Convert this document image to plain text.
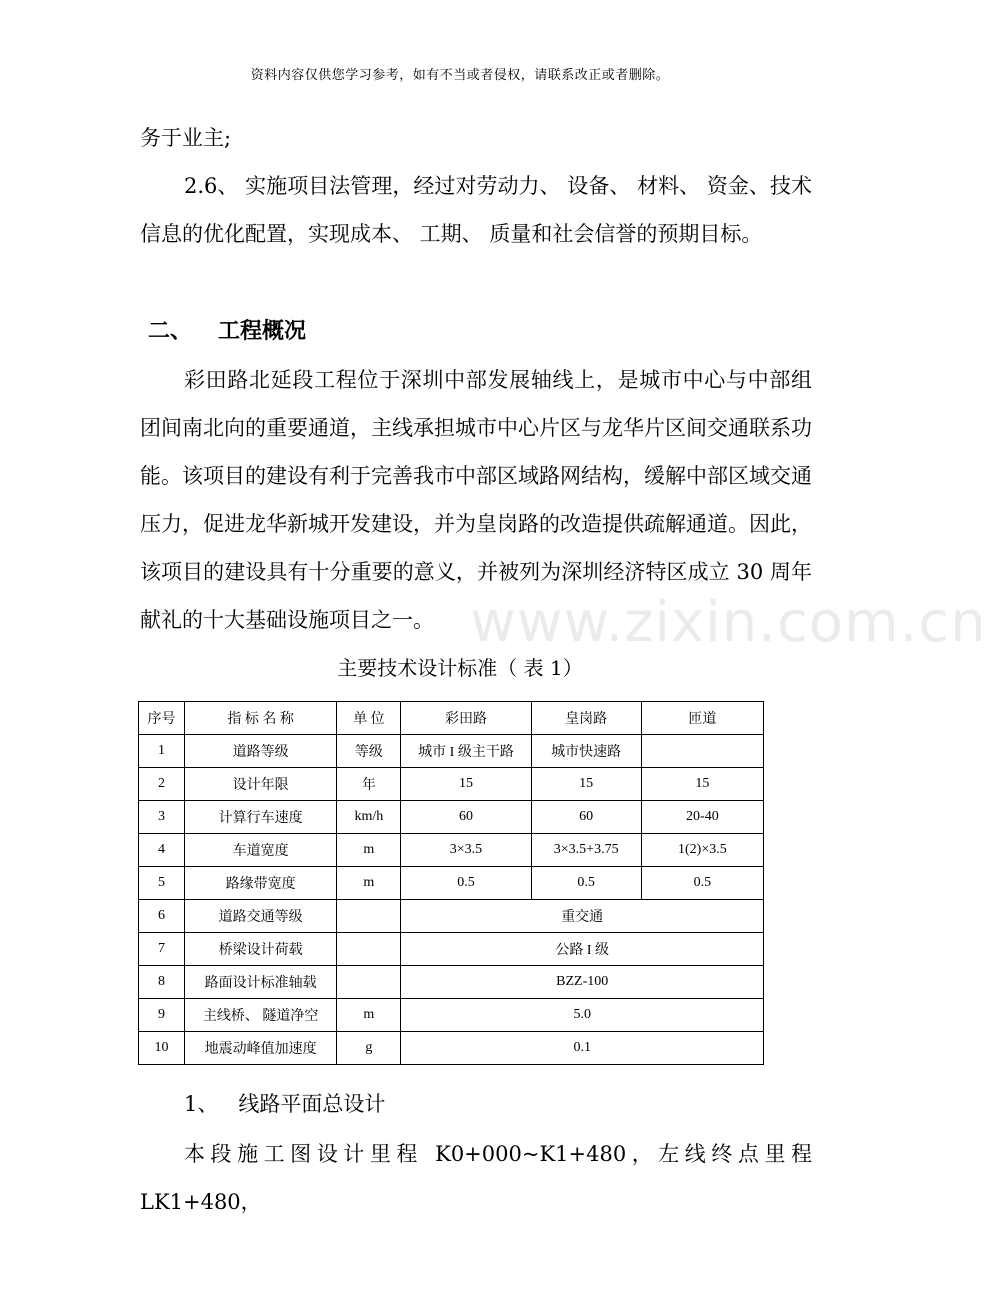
资料内容仅供您学习参考，如有不当或者侵权，请联系改正或者删除。
务于业主;
2.6、 实施项目法管理，经过对劳动力、 设备、 材料、 资金、技术信息的优化配置，实现成本、 工期、 质量和社会信誉的预期目标。
二、 工程概况
彩田路北延段工程位于深圳中部发展轴线上，是城市中心与中部组团间南北向的重要通道，主线承担城市中心片区与龙华片区间交通联系功能。该项目的建设有利于完善我市中部区域路网结构，缓解中部区域交通压力，促进龙华新城开发建设，并为皇岗路的改造提供疏解通道。因此，该项目的建设具有十分重要的意义，并被列为深圳经济特区成立 30 周年献礼的十大基础设施项目之一。 www.zixin.com.cn
主要技术设计标准（ 表 1）
序号	指 标 名 称	单 位	彩田路	皇岗路	匝道
1	道路等级	等级	城市 I 级主干路	城市快速路	
2	设计年限	年	15	15	15
3	计算行车速度	km/h	60	60	20-40
4	车道宽度	m	3×3.5	3×3.5+3.75	1(2)×3.5
5	路缘带宽度	m	0.5	0.5	0.5
6	道路交通等级		重交通		
7	桥梁设计荷载		公路 I 级		
8	路面设计标准轴载		BZZ-100		
9	主线桥、 隧道净空	m	5.0		
10	地震动峰值加速度	g	0.1		
1、 线路平面总设计
本段施工图设计里程 K0+000~K1+480，左线终点里程 LK1+480，
